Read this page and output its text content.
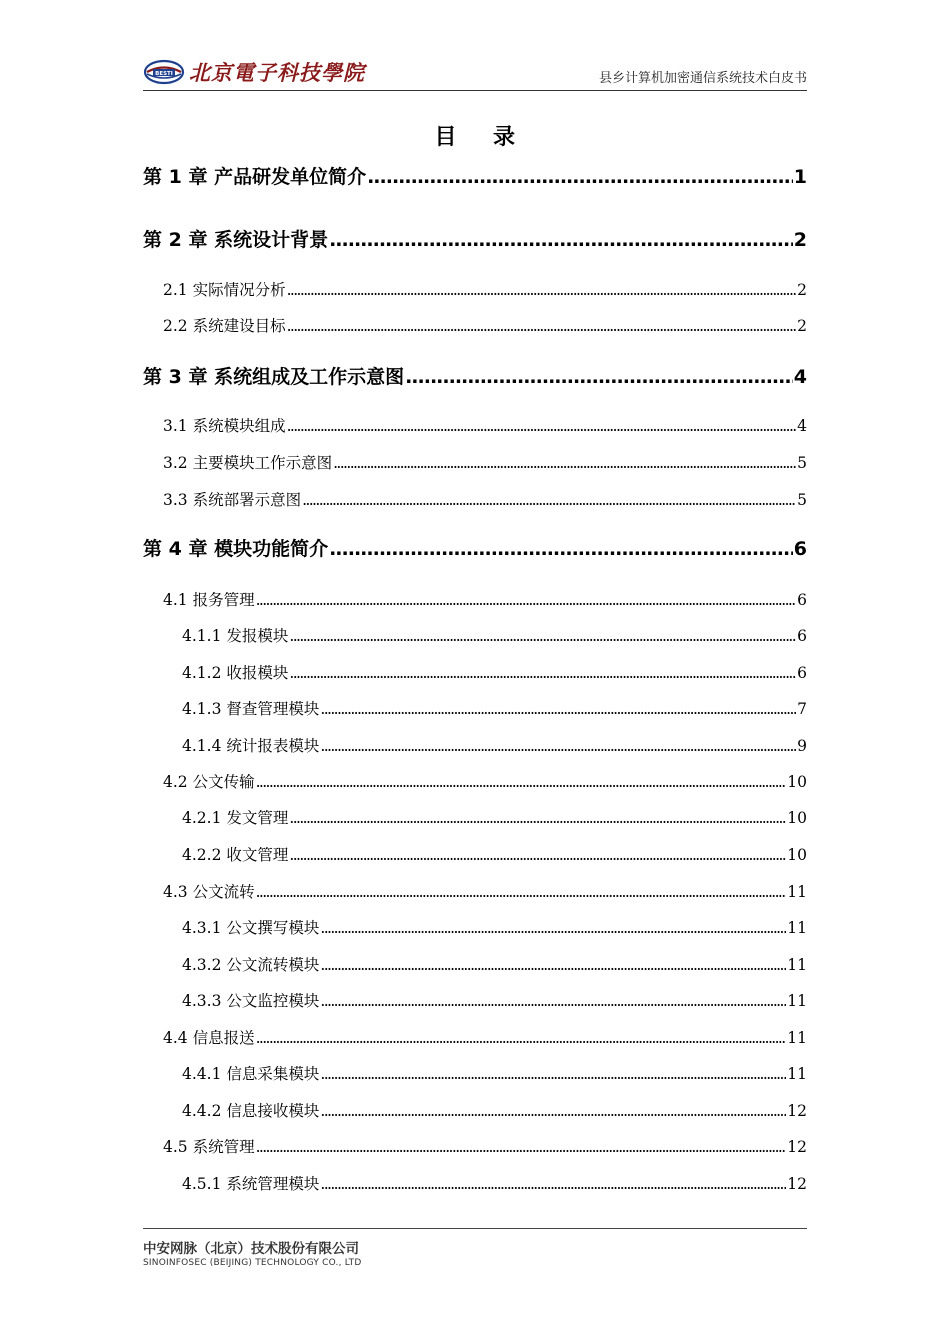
BESTI 北京電子科技學院	县乡计算机加密通信系统技术白皮书
目 录
第 1 章 产品研发单位简介 .....	1
第 2 章 系统设计背景 .....	2
2.1 实际情况分析 .....	2
2.2 系统建设目标 .....	2
第 3 章 系统组成及工作示意图 .....	4
3.1 系统模块组成 .....	4
3.2 主要模块工作示意图 .....	5
3.3 系统部署示意图 .....	5
第 4 章 模块功能简介 .....	6
4.1 报务管理 .....	6
4.1.1 发报模块 .....	6
4.1.2 收报模块 .....	6
4.1.3 督查管理模块 .....	7
4.1.4 统计报表模块 .....	9
4.2 公文传输 .....	10
4.2.1 发文管理 .....	10
4.2.2 收文管理 .....	10
4.3 公文流转 .....	11
4.3.1 公文撰写模块 .....	11
4.3.2 公文流转模块 .....	11
4.3.3 公文监控模块 .....	11
4.4 信息报送 .....	11
4.4.1 信息采集模块 .....	11
4.4.2 信息接收模块 .....	12
4.5 系统管理 .....	12
4.5.1 系统管理模块 .....	12
中安网脉（北京）技术股份有限公司
SINOINFOSEC (BEIJING) TECHNOLOGY CO., LTD
